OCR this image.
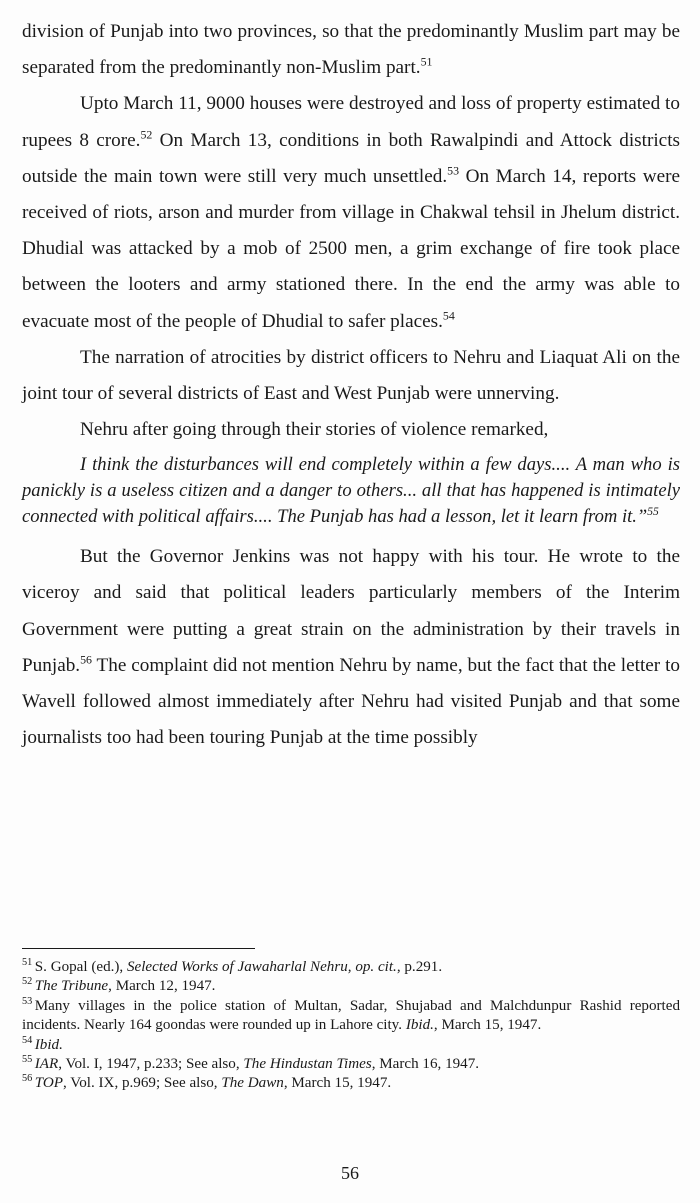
division of Punjab into two provinces, so that the predominantly Muslim part may be separated from the predominantly non-Muslim part.$^{51}$

Upto March 11, 9000 houses were destroyed and loss of property estimated to rupees 8 crore.$^{52}$ On March 13, conditions in both Rawalpindi and Attock districts outside the main town were still very much unsettled.$^{53}$ On March 14, reports were received of riots, arson and murder from village in Chakwal tehsil in Jhelum district. Dhudial was attacked by a mob of 2500 men, a grim exchange of fire took place between the looters and army stationed there. In the end the army was able to evacuate most of the people of Dhudial to safer places.$^{54}$

The narration of atrocities by district officers to Nehru and Liaquat Ali on the joint tour of several districts of East and West Punjab were unnerving.

Nehru after going through their stories of violence remarked,

I think the disturbances will end completely within a few days.... A man who is panickly is a useless citizen and a danger to others... all that has happened is intimately connected with political affairs.... The Punjab has had a lesson, let it learn from it.”$^{55}$

But the Governor Jenkins was not happy with his tour. He wrote to the viceroy and said that political leaders particularly members of the Interim Government were putting a great strain on the administration by their travels in Punjab.$^{56}$ The complaint did not mention Nehru by name, but the fact that the letter to Wavell followed almost immediately after Nehru had visited Punjab and that some journalists too had been touring Punjab at the time possibly

$^{51}$ S. Gopal (ed.), Selected Works of Jawaharlal Nehru, op. cit., p.291.

$^{52}$ The Tribune, March 12, 1947.

$^{53}$ Many villages in the police station of Multan, Sadar, Shujabad and Malchdunpur Rashid reported incidents. Nearly 164 goondas were rounded up in Lahore city. Ibid., March 15, 1947.

$^{54}$ Ibid.

$^{55}$ IAR, Vol. I, 1947, p.233; See also, The Hindustan Times, March 16, 1947.

$^{56}$ TOP, Vol. IX, p.969; See also, The Dawn, March 15, 1947.

56
